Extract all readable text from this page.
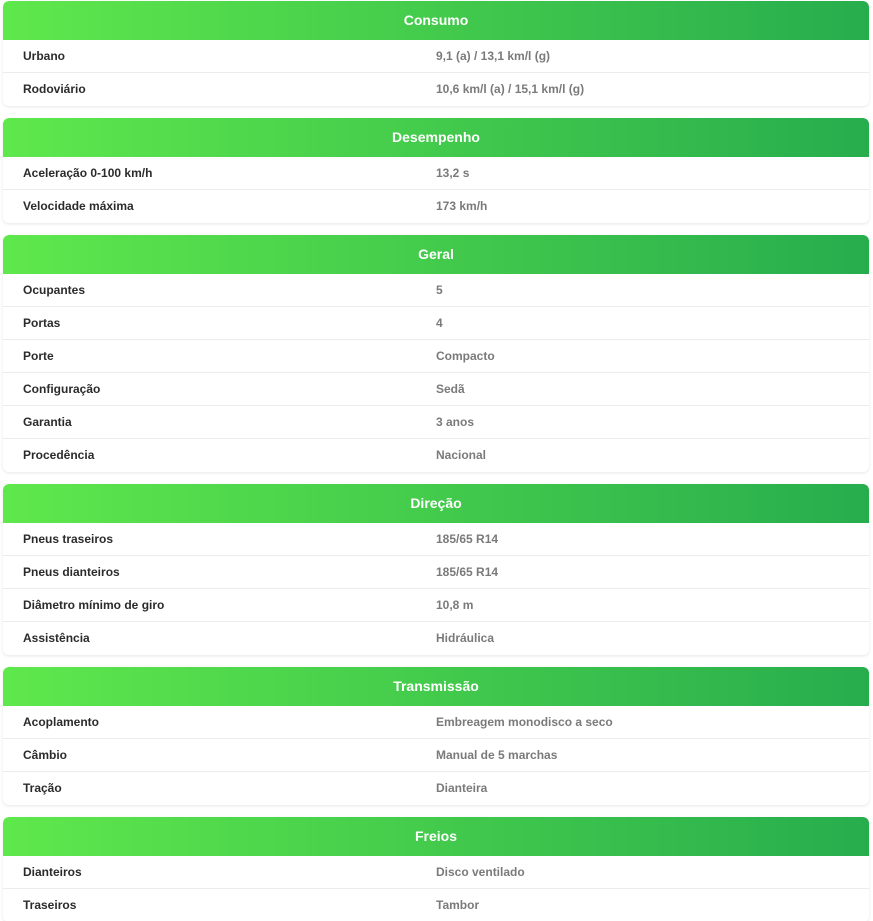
Consumo
Urbano	9,1 (a) / 13,1 km/l (g)
Rodoviário	10,6 km/l (a) / 15,1 km/l (g)
Desempenho
Aceleração 0-100 km/h	13,2 s
Velocidade máxima	173 km/h
Geral
Ocupantes	5
Portas	4
Porte	Compacto
Configuração	Sedã
Garantia	3 anos
Procedência	Nacional
Direção
Pneus traseiros	185/65 R14
Pneus dianteiros	185/65 R14
Diâmetro mínimo de giro	10,8 m
Assistência	Hidráulica
Transmissão
Acoplamento	Embreagem monodisco a seco
Câmbio	Manual de 5 marchas
Tração	Dianteira
Freios
Dianteiros	Disco ventilado
Traseiros	Tambor
